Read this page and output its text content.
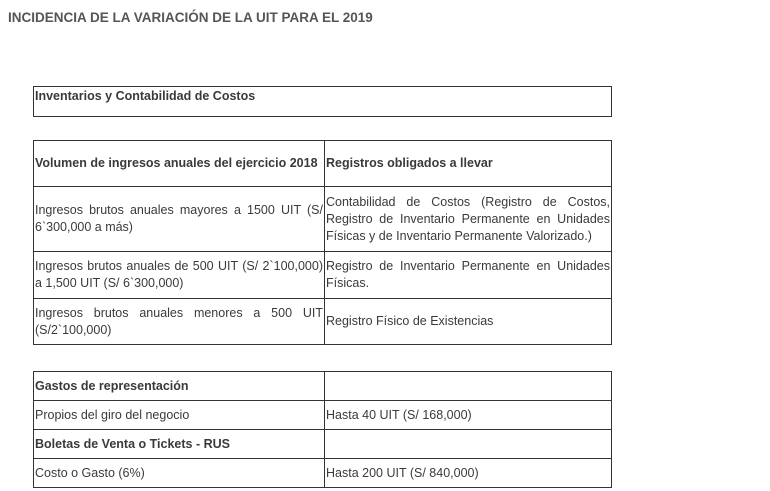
INCIDENCIA DE LA VARIACIÓN DE LA UIT PARA EL 2019
Inventarios y Contabilidad de Costos
Volumen de ingresos anuales del ejercicio 2018	Registros obligados a llevar
Ingresos brutos anuales mayores a 1500 UIT (S/ 6`300,000 a más)	Contabilidad de Costos (Registro de Costos, Registro de Inventario Permanente en Unidades Físicas y de Inventario Permanente Valorizado.)
Ingresos brutos anuales de 500 UIT (S/ 2`100,000) a 1,500 UIT (S/ 6`300,000)	Registro de Inventario Permanente en Unidades Físicas.
Ingresos brutos anuales menores a 500 UIT (S/2`100,000)	Registro Físico de Existencias
Gastos de representación	
Propios del giro del negocio	Hasta 40 UIT (S/ 168,000)
Boletas de Venta o Tickets - RUS	
Costo o Gasto (6%)	Hasta 200 UIT (S/ 840,000)
